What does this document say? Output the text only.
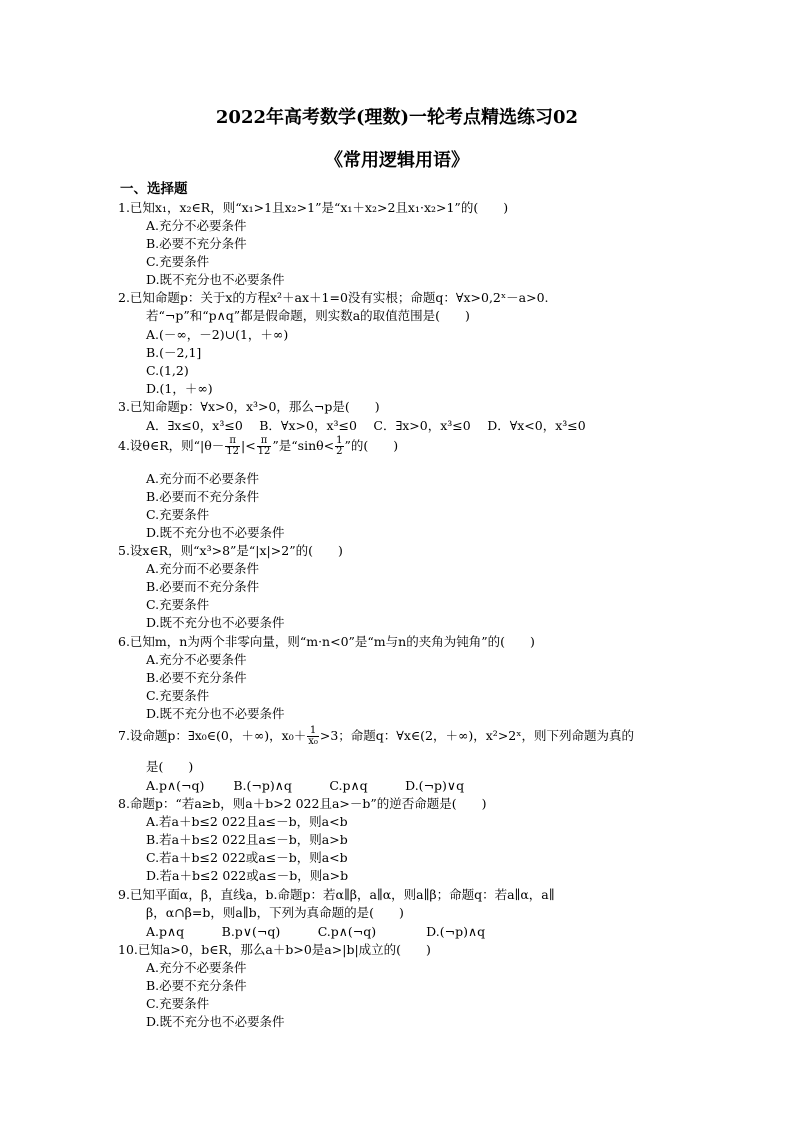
2022年高考数学(理数)一轮考点精选练习02
《常用逻辑用语》
一、选择题
1.已知x₁，x₂∈R，则“x₁>1且x₂>1”是“x₁＋x₂>2且x₁·x₂>1”的(　　)
A.充分不必要条件
B.必要不充分条件
C.充要条件
D.既不充分也不必要条件
2.已知命题p：关于x的方程x²＋ax＋1=0没有实根；命题q：∀x>0,2ˣ－a>0.
若“¬p”和“p∧q”都是假命题，则实数a的取值范围是(　　)
A.(－∞，－2)∪(1，＋∞)
B.(－2,1]
C.(1,2)
D.(1，＋∞)
3.已知命题p：∀x>0，x³>0，那么¬p是(　　)
A．∃x≤0，x³≤0　 B．∀x>0，x³≤0　 C．∃x>0，x³≤0　 D．∀x<0，x³≤0
4.设θ∈R，则“$|\theta- \frac{\pi}{12}$ |< $\frac{\pi}{12}$ ”是“$\sin\theta< \frac{1}{2}$ ”的(　　)
A.充分而不必要条件
B.必要而不充分条件
C.充要条件
D.既不充分也不必要条件
5.设x∈R，则“x³>8”是“|x|>2”的(　　)
A.充分而不必要条件
B.必要而不充分条件
C.充要条件
D.既不充分也不必要条件
6.已知m，n为两个非零向量，则“m·n<0”是“m与n的夹角为钝角”的(　　)
A.充分不必要条件
B.必要不充分条件
C.充要条件
D.既不充分也不必要条件
7.设命题p：∃x₀∈(0，＋∞)，$x_0+ \frac{1}{\text{x₀}} >3$；命题q：∀x∈(2，＋∞)，x²>2ˣ，则下列命题为真的
是(　　)
A.p∧(¬q)　　 B.(¬p)∧q　　　C.p∧q　　　D.(¬p)∨q
8.命题p：“若a≥b，则a＋b>2 022且a>－b”的逆否命题是(　　)
A.若a＋b≤2 022且a≤－b，则a<b
B.若a＋b≤2 022且a≤－b，则a>b
C.若a＋b≤2 022或a≤－b，则a<b
D.若a＋b≤2 022或a≤－b，则a>b
9.已知平面α，β，直线a，b.命题p：若α∥β，a∥α，则a∥β；命题q：若a∥α，a∥
β，α∩β=b，则a∥b，下列为真命题的是(　　)
A.p∧q　　　B.p∨(¬q)　　　C.p∧(¬q)　　　　D.(¬p)∧q
10.已知a>0，b∈R，那么a＋b>0是a>|b|成立的(　　)
A.充分不必要条件
B.必要不充分条件
C.充要条件
D.既不充分也不必要条件
